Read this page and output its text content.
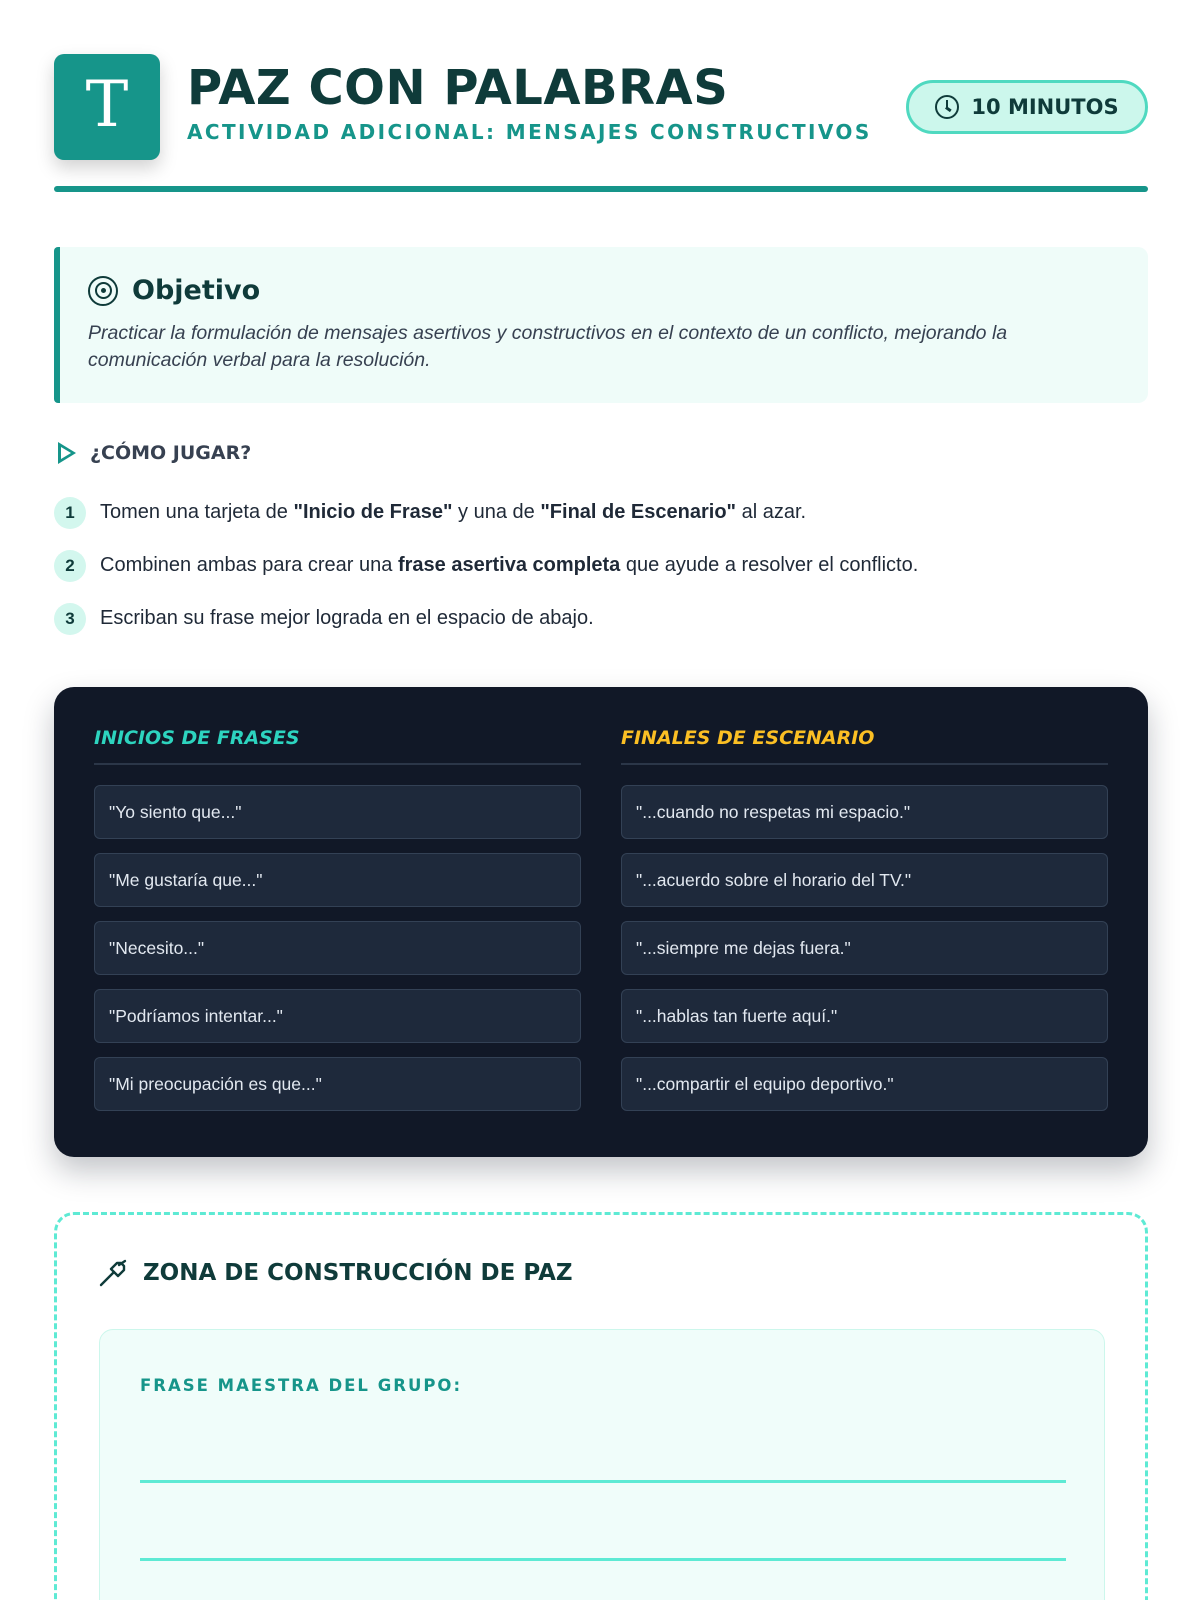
T PAZ CON PALABRAS
ACTIVIDAD ADICIONAL: MENSAJES CONSTRUCTIVOS
10 MINUTOS
Objetivo

Practicar la formulación de mensajes asertivos y constructivos en el contexto de un conflicto, mejorando la comunicación verbal para la resolución.

¿CÓMO JUGAR?
1	Tomen una tarjeta de "Inicio de Frase" y una de "Final de Escenario" al azar.
2	Combinen ambas para crear una frase asertiva completa que ayude a resolver el conflicto.
3	Escriban su frase mejor lograda en el espacio de abajo.
INICIOS DE FRASES
"Yo siento que..."
"Me gustaría que..."
"Necesito..."
"Podríamos intentar..."
"Mi preocupación es que..."
FINALES DE ESCENARIO
"...cuando no respetas mi espacio."
"...acuerdo sobre el horario del TV."
"...siempre me dejas fuera."
"...hablas tan fuerte aquí."
"...compartir el equipo deportivo."
ZONA DE CONSTRUCCIÓN DE PAZ
FRASE MAESTRA DEL GRUPO:
